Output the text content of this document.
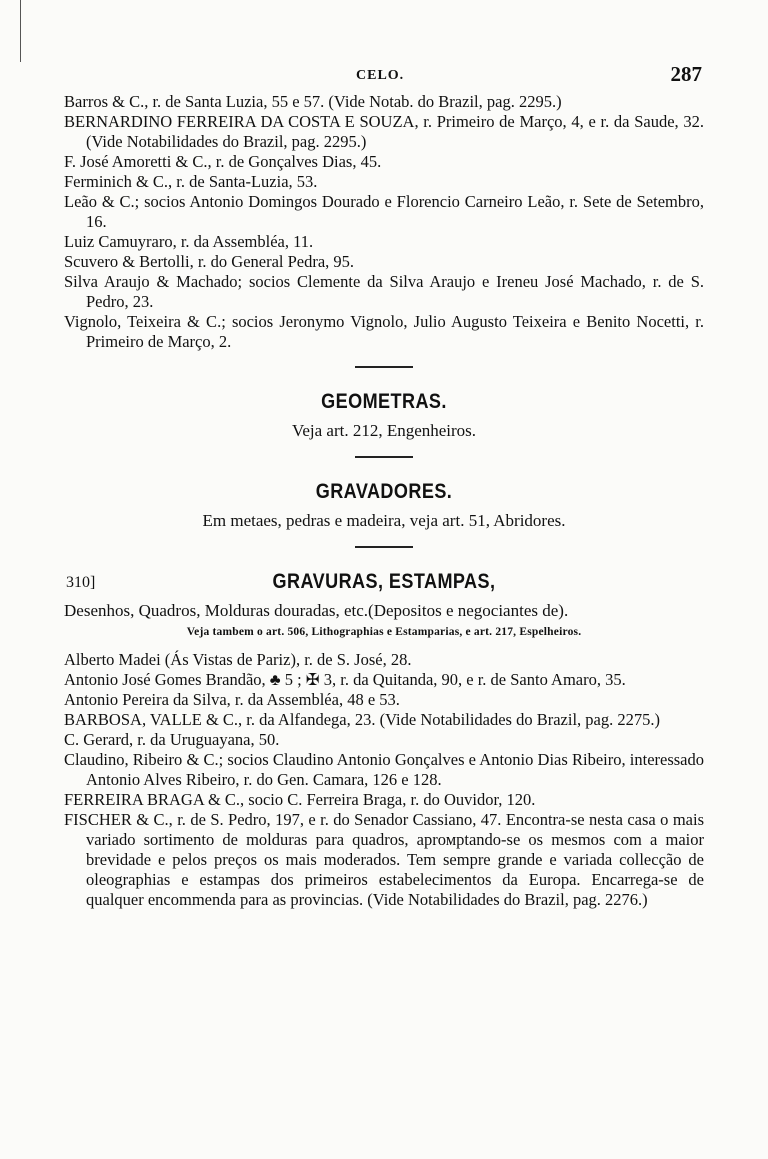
CELO.	287

Barros & C., r. de Santa Luzia, 55 e 57. (Vide Notab. do Brazil, pag. 2295.)

BERNARDINO FERREIRA DA COSTA E SOUZA, r. Primeiro de Março, 4, e r. da Saude, 32. (Vide Notabilidades do Brazil, pag. 2295.)

F. José Amoretti & C., r. de Gonçalves Dias, 45.

Ferminich & C., r. de Santa-Luzia, 53.

Leão & C.; socios Antonio Domingos Dourado e Florencio Carneiro Leão, r. Sete de Setembro, 16.

Luiz Camuyraro, r. da Assembléa, 11.

Scuvero & Bertolli, r. do General Pedra, 95.

Silva Araujo & Machado; socios Clemente da Silva Araujo e Ireneu José Machado, r. de S. Pedro, 23.

Vignolo, Teixeira & C.; socios Jeronymo Vignolo, Julio Augusto Teixeira e Benito Nocetti, r. Primeiro de Março, 2.

GEOMETRAS.
Veja art. 212, Engenheiros.
GRAVADORES.
Em metaes, pedras e madeira, veja art. 51, Abridores.
310]	GRAVURAS, ESTAMPAS,

Desenhos, Quadros, Molduras douradas, etc.(Depositos e negociantes de).

Veja tambem o art. 506, Lithographias e Estamparias, e art. 217, Espelheiros.

Alberto Madei (Ás Vistas de Pariz), r. de S. José, 28.

Antonio José Gomes Brandão, ♣ 5 ; ✠ 3, r. da Quitanda, 90, e r. de Santo Amaro, 35.

Antonio Pereira da Silva, r. da Assembléa, 48 e 53.

BARBOSA, VALLE & C., r. da Alfandega, 23. (Vide Notabilidades do Brazil, pag. 2275.)

C. Gerard, r. da Uruguayana, 50.

Claudino, Ribeiro & C.; socios Claudino Antonio Gonçalves e Antonio Dias Ribeiro, interessado Antonio Alves Ribeiro, r. do Gen. Camara, 126 e 128.

FERREIRA BRAGA & C., socio C. Ferreira Braga, r. do Ouvidor, 120.

FISCHER & C., r. de S. Pedro, 197, e r. do Senador Cassiano, 47. Encontra-se nesta casa o mais variado sortimento de molduras para quadros, aprомptando-se os mesmos com a maior brevidade e pelos preços os mais moderados. Tem sempre grande e variada collecção de oleographias e estampas dos primeiros estabelecimentos da Europa. Encarrega-se de qualquer encommenda para as provincias. (Vide Notabilidades do Brazil, pag. 2276.)
